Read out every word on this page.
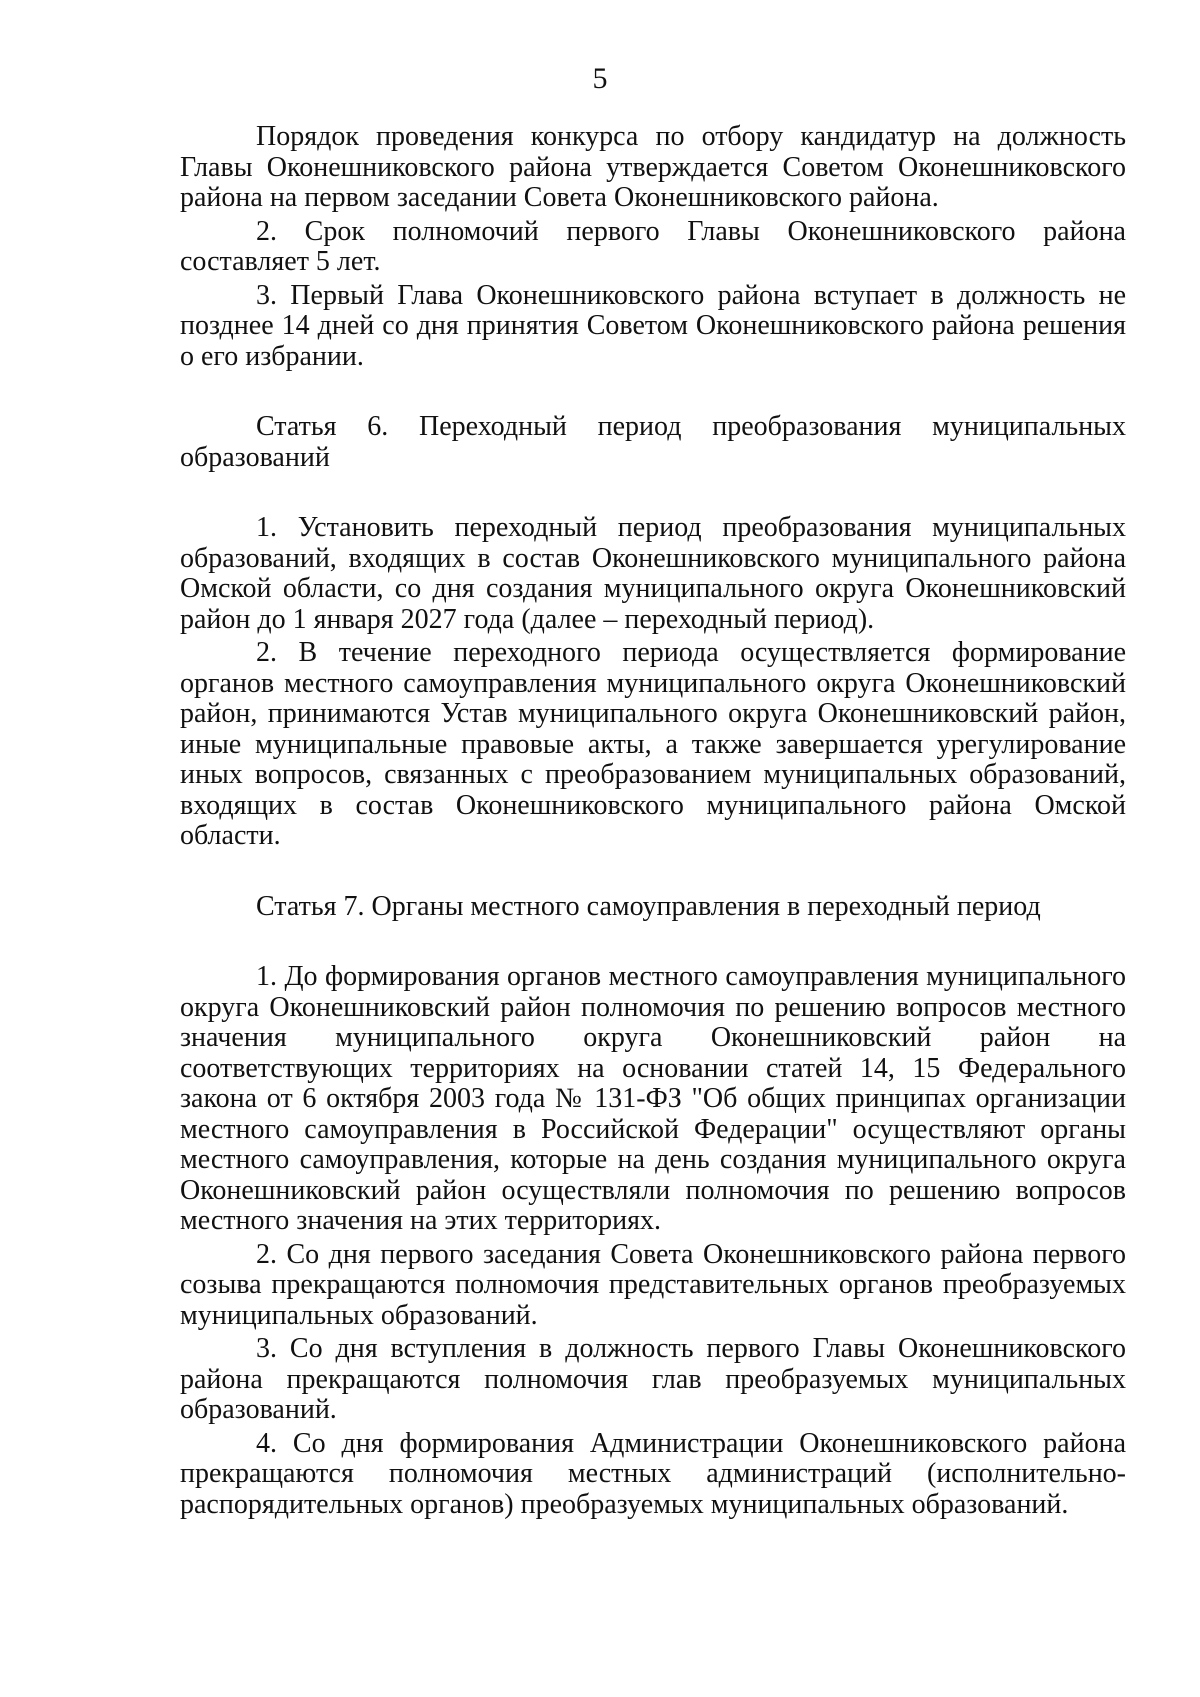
5

Порядок проведения конкурса по отбору кандидатур на должность Главы Оконешниковского района утверждается Советом Оконешниковского района на первом заседании Совета Оконешниковского района.

2. Срок полномочий первого Главы Оконешниковского района составляет 5 лет.

3. Первый Глава Оконешниковского района вступает в должность не позднее 14 дней со дня принятия Советом Оконешниковского района решения о его избрании.

Статья 6. Переходный период преобразования муниципальных образований

1. Установить переходный период преобразования муниципальных образований, входящих в состав Оконешниковского муниципального района Омской области, со дня создания муниципального округа Оконешниковский район до 1 января 2027 года (далее – переходный период).

2. В течение переходного периода осуществляется формирование органов местного самоуправления муниципального округа Оконешниковский район, принимаются Устав муниципального округа Оконешниковский район, иные муниципальные правовые акты, а также завершается урегулирование иных вопросов, связанных с преобразованием муниципальных образований, входящих в состав Оконешниковского муниципального района Омской области.

Статья 7. Органы местного самоуправления в переходный период

1. До формирования органов местного самоуправления муниципального округа Оконешниковский район полномочия по решению вопросов местного значения муниципального округа Оконешниковский район на соответствующих территориях на основании статей 14, 15 Федерального закона от 6 октября 2003 года № 131-ФЗ "Об общих принципах организации местного самоуправления в Российской Федерации" осуществляют органы местного самоуправления, которые на день создания муниципального округа Оконешниковский район осуществляли полномочия по решению вопросов местного значения на этих территориях.

2. Со дня первого заседания Совета Оконешниковского района первого созыва прекращаются полномочия представительных органов преобразуемых муниципальных образований.

3. Со дня вступления в должность первого Главы Оконешниковского района прекращаются полномочия глав преобразуемых муниципальных образований.

4. Со дня формирования Администрации Оконешниковского района прекращаются полномочия местных администраций (исполнительно-распорядительных органов) преобразуемых муниципальных образований.
